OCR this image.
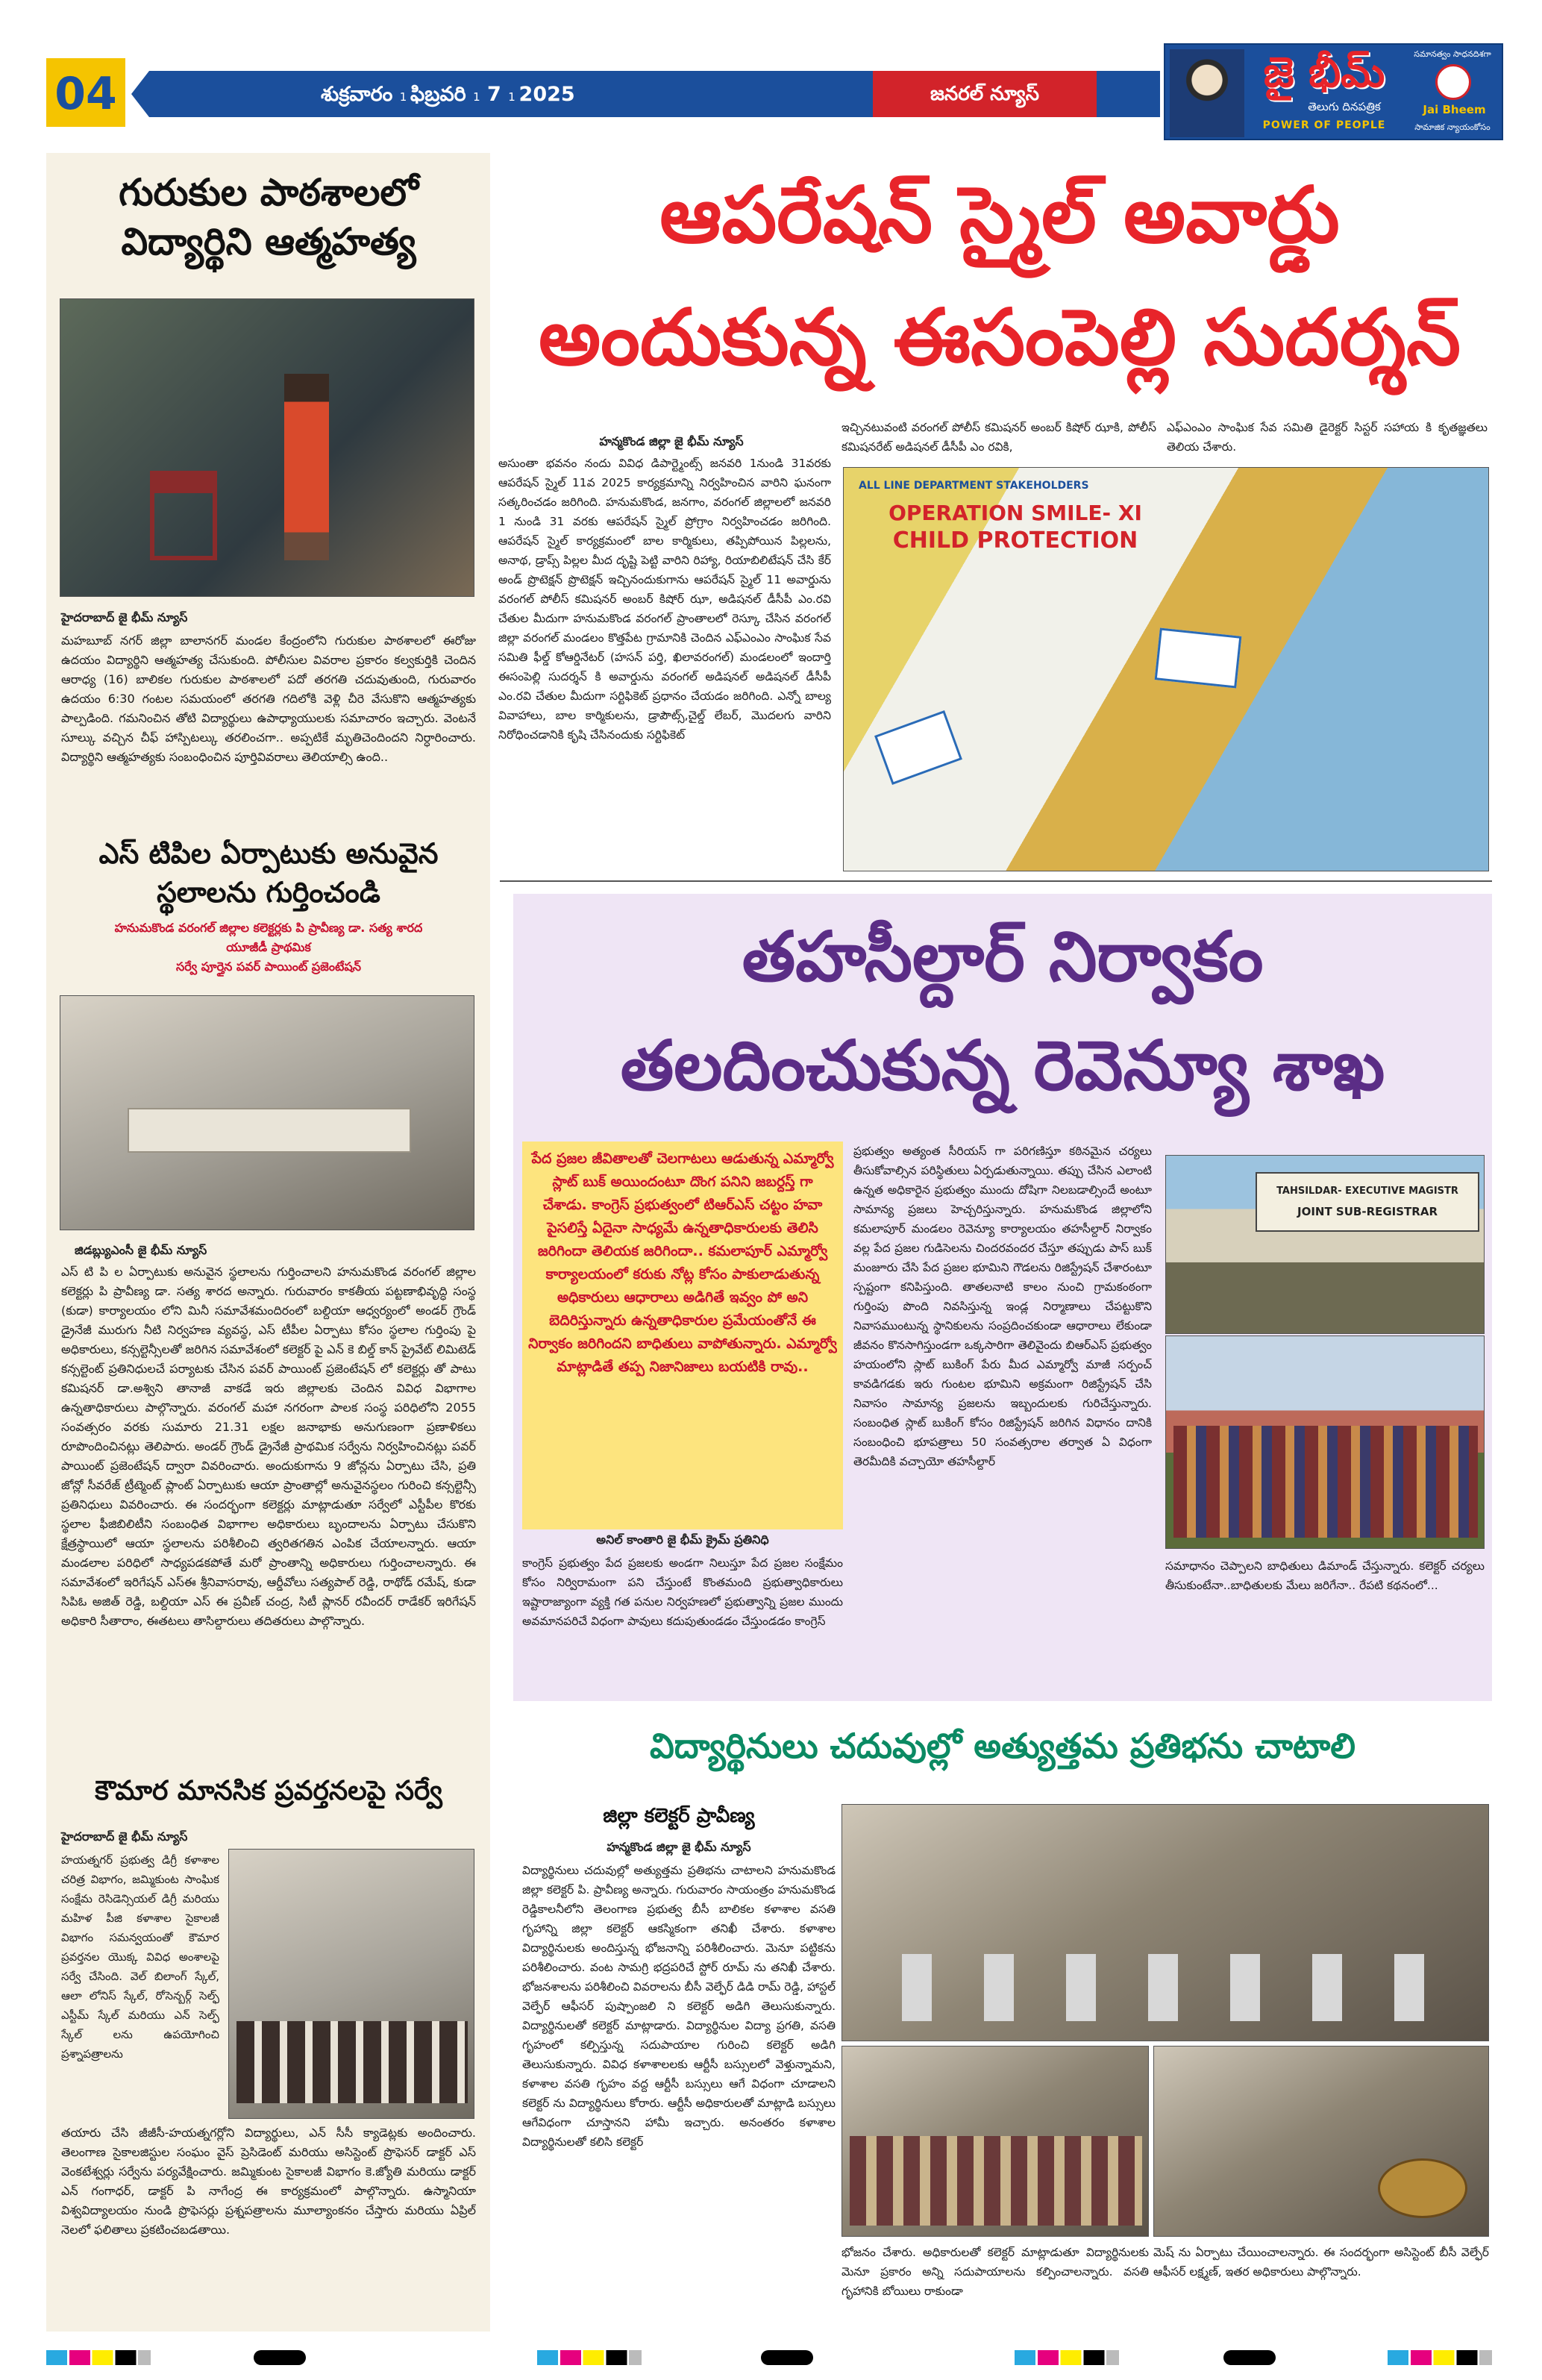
04	శుక్రవారం 1 ఫిబ్రవరి 1 7 1 2025	జనరల్ న్యూస్	జై భీమ్
తెలుగు దినపత్రిక
POWER OF PEOPLE
సమానత్వం సాధనదిశగా
Jai Bheem
సామాజిక న్యాయంకోసం
గురుకుల పాఠశాలలో విద్యార్థిని ఆత్మహత్య
హైదరాబాద్ జై భీమ్ న్యూస్
మహబూబ్ నగర్ జిల్లా బాలానగర్ మండల కేంద్రంలోని గురుకుల పాఠశాలలో ఈరోజు ఉదయం విద్యార్థిని ఆత్మహత్య చేసుకుంది. పోలీసుల వివరాల ప్రకారం కల్వకుర్తికి చెందిన ఆరాధ్య (16) బాలికల గురుకుల పాఠశాలలో పదో తరగతి చదువుతుంది, గురువారం ఉదయం 6:30 గంటల సమయంలో తరగతి గదిలోకి వెళ్లి చీరె వేసుకొని ఆత్మహత్యకు పాల్పడింది. గమనించిన తోటి విద్యార్థులు ఉపాధ్యాయులకు సమాచారం ఇచ్చారు. వెంటనే సూల్కు వచ్చిన చీఫ్ హాస్పిటల్కు తరలించగా.. అప్పటికే మృతిచెందిందని నిర్ధారించారు. విద్యార్థిని ఆత్మహత్యకు సంబంధించిన పూర్తివివరాలు తెలియాల్సి ఉంది..
ఎస్ టిపిల ఏర్పాటుకు అనువైన స్థలాలను గుర్తించండి
హనుమకొండ వరంగల్ జిల్లాల కలెక్టర్లకు పి ప్రావీణ్య డా. సత్య శారద
యూజీడీ ప్రాథమిక
సర్వే పూర్తైన పవర్ పాయింట్ ప్రజెంటేషన్
జిడబ్ల్యుఎంసీ జై భీమ్ న్యూస్
ఎస్ టి పి ల ఏర్పాటుకు అనువైన స్థలాలను గుర్తించాలని హనుమకొండ వరంగల్ జిల్లాల కలెక్టర్లు పి ప్రావీణ్య డా. సత్య శారద అన్నారు. గురువారం కాకతీయ పట్టణాభివృద్ధి సంస్థ (కుడా) కార్యాలయం లోని మినీ సమావేశమందిరంలో బల్దియా ఆధ్వర్యంలో అండర్ గ్రౌండ్ డ్రైనేజీ మురుగు నీటి నిర్వహణ వ్యవస్థ, ఎస్ టీపీల ఏర్పాటు కోసం స్థలాల గుర్తింపు పై అధికారులు, కన్సల్టెన్సీలతో జరిగిన సమావేశంలో కలెక్టర్ పై ఎన్ కె బిల్డ్ కాన్ ప్రైవేట్ లిమిటెడ్ కన్సల్టెంట్ ప్రతినిధులచే పర్యాటకు చేసిన పవర్ పాయింట్ ప్రజెంటేషన్ లో కలెక్టర్లు తో పాటు కమిషనర్ డా.అశ్విని తానాజీ వాకడే ఇరు జిల్లాలకు చెందిన వివిధ విభాగాల ఉన్నతాధికారులు పాల్గొన్నారు. వరంగల్ మహా నగరంగా పాలక సంస్థ పరిధిలోని 2055 సంవత్సరం వరకు సుమారు 21.31 లక్షల జనాభాకు అనుగుణంగా ప్రణాళికలు రూపొందించినట్లు తెలిపారు. అండర్ గ్రౌండ్ డ్రైనేజీ ప్రాథమిక సర్వేను నిర్వహించినట్లు పవర్ పాయింట్ ప్రజెంటేషన్ ద్వారా వివరించారు. అందుకుగాను 9 జోన్లను ఏర్పాటు చేసి, ప్రతి జోన్లో సీవరేజ్ ట్రీట్మెంట్ ప్లాంట్ ఏర్పాటుకు ఆయా ప్రాంతాల్లో అనువైనస్థలం గురించి కన్సల్టెన్సీ ప్రతినిధులు వివరించారు. ఈ సందర్భంగా కలెక్టర్లు మాట్లాడుతూ సర్వేలో ఎస్టీపీల కొరకు స్థలాల ఫీజిబిలిటీని సంబంధిత విభాగాల అధికారులు బృందాలను ఏర్పాటు చేసుకొని క్షేత్రస్థాయిలో ఆయా స్థలాలను పరిశీలించి త్వరితగతిన ఎంపిక చేయాలన్నారు. ఆయా మండలాల పరిధిలో సాధ్యపడకపోతే మరో ప్రాంతాన్ని అధికారులు గుర్తించాలన్నారు. ఈ సమావేశంలో ఇరిగేషన్ ఎస్ఈ శ్రీనివాసరావు, ఆర్డీవోలు సత్యపాల్ రెడ్డి, రాథోడ్ రమేష్, కుడా సిపిఓ అజిత్ రెడ్డి, బల్దియా ఎస్ ఈ ప్రవీణ్ చంద్ర, సిటీ ప్లానర్ రవీందర్ రాడేకర్ ఇరిగేషన్ అధికారి సీతారాం, ఈతటలు తాసిల్దారులు తదితరులు పాల్గొన్నారు.
కౌమార మానసిక ప్రవర్తనలపై సర్వే
హైదరాబాద్ జై భీమ్ న్యూస్
హయత్నగర్ ప్రభుత్వ డిగ్రీ కళాశాల చరిత్ర విభాగం, జమ్మికుంట సాంఘిక సంక్షేమ రెసిడెన్సియల్ డిగ్రీ మరియు మహిళ పీజి కళాశాల సైకాలజీ విభాగం సమన్వయంతో కౌమార ప్రవర్తనల యొక్క వివిధ అంశాలపై సర్వే చేసింది. వెల్ బిలాంగ్ స్కేల్, ఆలా లోనిస్ స్కేల్, రోసెన్బర్గ్ సెల్ఫ్ ఎస్టీమ్ స్కేల్ మరియు ఎన్ సెల్ఫ్ స్కేల్ లను ఉపయోగించి ప్రశ్నాపత్రాలను
తయారు చేసి జీజీసీ-హయత్నగర్లోని విద్యార్థులు, ఎన్ సీసీ క్యాడెట్లకు అందించారు. తెలంగాణ సైకాలజిస్టుల సంఘం వైస్ ప్రెసిడెంట్ మరియు అసిస్టెంట్ ప్రొఫెసర్ డాక్టర్ ఎస్ వెంకటేశ్వర్లు సర్వేను పర్యవేక్షించారు. జమ్మికుంట సైకాలజీ విభాగం కె.జ్యోతి మరియు డాక్టర్ ఎన్ గంగాధర్, డాక్టర్ పి నాగేంద్ర ఈ కార్యక్రమంలో పాల్గొన్నారు. ఉస్మానియా విశ్వవిద్యాలయం నుండి ప్రొఫెసర్లు ప్రశ్నపత్రాలను మూల్యాంకనం చేస్తారు మరియు ఏప్రిల్ నెలలో ఫలితాలు ప్రకటించబడతాయి.
ఆపరేషన్ స్మైల్ అవార్డు
అందుకున్న ఈసంపెల్లి సుదర్శన్
హన్మకొండ జిల్లా జై భీమ్ న్యూస్
అసుంతా భవనం నందు వివిధ డిపార్ట్మెంట్స్ జనవరి 1నుండి 31వరకు ఆపరేషన్ స్మైల్ 11వ 2025 కార్యక్రమాన్ని నిర్వహించిన వారిని ఘనంగా సత్కరించడం జరిగింది. హనుమకొండ, జనగాం, వరంగల్ జిల్లాలలో జనవరి 1 నుండి 31 వరకు ఆపరేషన్ స్మైల్ ప్రోగ్రాం నిర్వహించడం జరిగింది. ఆపరేషన్ స్మైల్ కార్యక్రమంలో బాల కార్మికులు, తప్పిపోయిన పిల్లలను, అనాథ, డ్రాప్స్ పిల్లల మీద దృష్టి పెట్టి వారిని రిహ్యా, రియాబిలిటేషన్ చేసి కేర్ అండ్ ప్రొటెక్షన్ ప్రొటెక్షన్ ఇచ్చినందుకుగాను ఆపరేషన్ స్మైల్ 11 అవార్డును వరంగల్ పోలీస్ కమిషనర్ అంబర్ కిషోర్ ఝా, అడిషనల్ డీసీపీ ఎం.రవి చేతుల మీదుగా హనుమకొండ వరంగల్ ప్రాంతాలలో రెస్కూ చేసిన వరంగల్ జిల్లా వరంగల్ మండలం కొత్తపేట గ్రామానికి చెందిన ఎఫ్ఎంఎం సాంఘిక సేవ సమితి ఫీల్డ్ కోఆర్డినేటర్ (హసన్ పర్తి, ఖిలావరంగల్) మండలంలో ఇందార్తి ఈసంపెల్లి సుదర్శన్ కి అవార్డును వరంగల్ అడిషనల్ అడిషనల్ డీసీపీ ఎం.రవి చేతుల మీదుగా సర్టిఫికెట్ ప్రధానం చేయడం జరిగింది. ఎన్నో బాల్య వివాహాలు, బాల కార్మికులను, డ్రాపౌట్స్,చైల్డ్ లేబర్, మొదలగు వారిని నిరోధించడానికి కృషి చేసినందుకు సర్టిఫికెట్
ఇచ్చినటువంటి వరంగల్ పోలీస్ కమిషనర్ అంబర్ కిషోర్ ఝాకి, పోలీస్ కమిషనరేట్ అడిషనల్ డీసీపీ ఎం రవికి,
ఎఫ్ఎంఎం సాంఘిక సేవ సమితి డైరెక్టర్ సిస్టర్ సహాయ కి కృతజ్ఞతలు తెలియ చేశారు.
ALL LINE DEPARTMENT STAKEHOLDERS
OPERATION SMILE- XI
CHILD PROTECTION
తహసీల్దార్ నిర్వాకం
తలదించుకున్న రెవెన్యూ శాఖ
పేద ప్రజల జీవితాలతో చెలగాటలు ఆడుతున్న ఎమ్మార్వో స్లాట్ బుక్ అయిందంటూ దొంగ పనిని జబర్దస్త్ గా చేశాడు. కాంగ్రెస్ ప్రభుత్వంలో టిఆర్ఎస్ చట్టం హవా పైసలిస్తే ఏదైనా సాధ్యమే ఉన్నతాధికారులకు తెలిసి జరిగిందా తెలియక జరిగిందా.. కమలాపూర్ ఎమ్మార్వో కార్యాలయంలో కరుకు నోట్ల కోసం పాకులాడుతున్న అధికారులు ఆధారాలు అడిగితే ఇవ్వం పో అని బెదిరిస్తున్నారు ఉన్నతాధికారుల ప్రమేయంతోనే ఈ నిర్వాకం జరిగిందని బాధితులు వాపోతున్నారు. ఎమ్మార్వో మాట్లాడితే తప్ప నిజానిజాలు బయటికి రావు..
అనిల్ కాంతారి జై భీమ్ క్రైమ్ ప్రతినిధి
కాంగ్రెస్ ప్రభుత్వం పేద ప్రజలకు అండగా నిలుస్తూ పేద ప్రజల సంక్షేమం కోసం నిర్విరామంగా పని చేస్తుంటే కొంతమంది ప్రభుత్వాధికారులు ఇష్టారాజ్యాంగా వ్యక్తి గత పనుల నిర్వహణలో ప్రభుత్వాన్ని ప్రజల ముందు అవమానపరిచే విధంగా పావులు కదుపుతుండడం చేస్తుండడం కాంగ్రెస్
ప్రభుత్వం అత్యంత సీరియస్ గా పరిగణిస్తూ కఠినమైన చర్యలు తీసుకోవాల్సిన పరిస్థితులు ఏర్పడుతున్నాయి. తప్పు చేసిన ఎలాంటి ఉన్నత అధికారైన ప్రభుత్వం ముందు దోషిగా నిలబడాల్సిందే అంటూ సామాన్య ప్రజలు హెచ్చరిస్తున్నారు. హనుమకొండ జిల్లాలోని కమలాపూర్ మండలం రెవెన్యూ కార్యాలయం తహసీల్దార్ నిర్వాకం వల్ల పేద ప్రజల గుడిసెలను చిందరవందర చేస్తూ తప్పుడు పాస్ బుక్ మంజూరు చేసి పేద ప్రజల భూమిని గౌడలను రిజిస్ట్రేషన్ చేశారంటూ స్పష్టంగా కనిపిస్తుంది. తాతలనాటి కాలం నుంచి గ్రామకంఠంగా గుర్తింపు పొంది నివసిస్తున్న ఇండ్ల నిర్మాణాలు చేపట్టుకొని నివాసముంటున్న స్థానికులను సంప్రదించకుండా ఆధారాలు లేకుండా జీవనం కొనసాగిస్తుండగా ఒక్కసారిగా తెలివైందు బిఆర్ఎస్ ప్రభుత్వం హయంలోని స్లాట్ బుకింగ్ పేరు మీద ఎమ్మార్వో మాజీ సర్పంచ్ కావడిగడకు ఇరు గుంటల భూమిని అక్రమంగా రిజిస్ట్రేషన్ చేసి నివాసం సామాన్య ప్రజలను ఇబ్బందులకు గురిచేస్తున్నారు. సంబంధిత స్లాట్ బుకింగ్ కోసం రిజిస్ట్రేషన్ జరిగిన విధానం దానికి సంబంధించి భూపత్రాలు 50 సంవత్సరాల తర్వాత ఏ విధంగా తెరమీదికి వచ్చాయో తహసీల్దార్
TAHSILDAR- EXECUTIVE MAGISTR
JOINT SUB-REGISTRAR
సమాధానం చెప్పాలని బాధితులు డిమాండ్ చేస్తున్నారు. కలెక్టర్ చర్యలు తీసుకుంటేనా..బాధితులకు మేలు జరిగేనా.. రేపటి కథనంలో...
విద్యార్థినులు చదువుల్లో అత్యుత్తమ ప్రతిభను చాటాలి
జిల్లా కలెక్టర్ ప్రావీణ్య
హన్మకొండ జిల్లా జై భీమ్ న్యూస్
విద్యార్థినులు చదువుల్లో అత్యుత్తమ ప్రతిభను చాటాలని హనుమకొండ జిల్లా కలెక్టర్ పి. ప్రావీణ్య అన్నారు. గురువారం సాయంత్రం హనుమకొండ రెడ్డికాలనీలోని తెలంగాణ ప్రభుత్వ బీసీ బాలికల కళాశాల వసతి గృహాన్ని జిల్లా కలెక్టర్ ఆకస్మికంగా తనిఖీ చేశారు. కళాశాల విద్యార్థినులకు అందిస్తున్న భోజనాన్ని పరిశీలించారు. మెనూ పట్టికను పరిశీలించారు. వంట సామగ్రి భద్రపరిచే స్టోర్ రూమ్ ను తనిఖీ చేశారు. భోజనశాలను పరిశీలించి వివరాలను బీసీ వెల్ఫేర్ డిడి రామ్ రెడ్డి, హాస్టల్ వెల్ఫేర్ ఆఫీసర్ పుష్పాంజలి ని కలెక్టర్ అడిగి తెలుసుకున్నారు. విద్యార్థినులతో కలెక్టర్ మాట్లాడారు. విద్యార్థినుల విద్యా ప్రగతి, వసతి గృహంలో కల్పిస్తున్న సదుపాయాల గురించి కలెక్టర్ అడిగి తెలుసుకున్నారు. వివిధ కళాశాలలకు ఆర్టీసీ బస్సులలో వెళ్తున్నామని, కళాశాల వసతి గృహం వద్ద ఆర్టీసీ బస్సులు ఆగే విధంగా చూడాలని కలెక్టర్ ను విద్యార్థినులు కోరారు. ఆర్టీసీ అధికారులతో మాట్లాడి బస్సులు ఆగేవిధంగా చూస్తానని హామీ ఇచ్చారు. అనంతరం కళాశాల విద్యార్థినులతో కలిసి కలెక్టర్
భోజనం చేశారు. అధికారులతో కలెక్టర్ మాట్లాడుతూ విద్యార్థినులకు మెనూ ప్రకారం అన్ని సదుపాయాలను కల్పించాలన్నారు. వసతి గృహానికి బోయిలు రాకుండా
మెష్ ను ఏర్పాటు చేయించాలన్నారు. ఈ సందర్భంగా అసిస్టెంట్ బీసీ వెల్ఫేర్ ఆఫీసర్ లక్ష్మణ్, ఇతర అధికారులు పాల్గొన్నారు.
